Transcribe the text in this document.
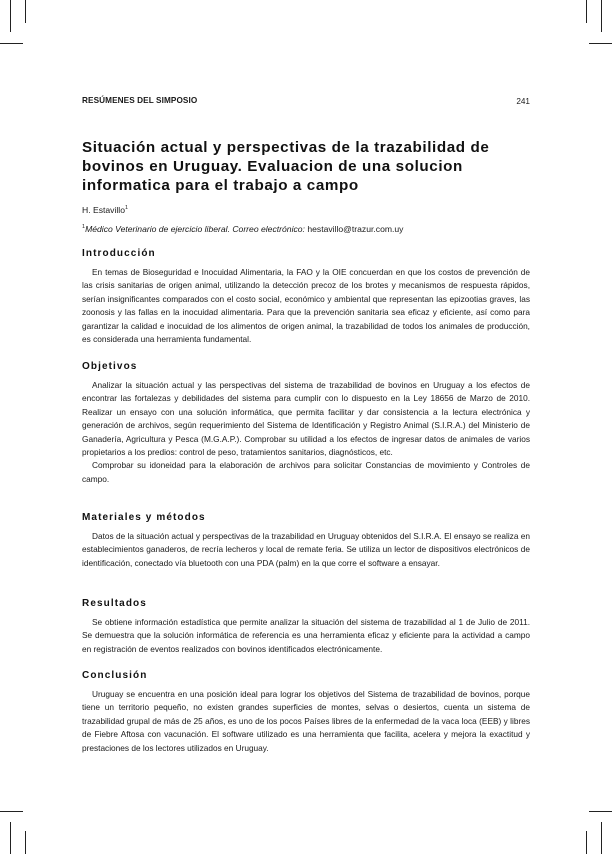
RESÚMENES DEL SIMPOSIO	241
Situación actual y perspectivas de la trazabilidad de bovinos en Uruguay. Evaluacion de una solucion informatica para el trabajo a campo
H. Estavillo$^1$
$^1$Médico Veterinario de ejercicio liberal. Correo electrónico: hestavillo@trazur.com.uy
Introducción

En temas de Bioseguridad e Inocuidad Alimentaria, la FAO y la OIE concuerdan en que los costos de prevención de las crisis sanitarias de origen animal, utilizando la detección precoz de los brotes y mecanismos de respuesta rápidos, serían insignificantes comparados con el costo social, económico y ambiental que representan las epizootias graves, las zoonosis y las fallas en la inocuidad alimentaria. Para que la prevención sanitaria sea eficaz y eficiente, así como para garantizar la calidad e inocuidad de los alimentos de origen animal, la trazabilidad de todos los animales de producción, es considerada una herramienta fundamental.

Objetivos

Analizar la situación actual y las perspectivas del sistema de trazabilidad de bovinos en Uruguay a los efectos de encontrar las fortalezas y debilidades del sistema para cumplir con lo dispuesto en la Ley 18656 de Marzo de 2010. Realizar un ensayo con una solución informática, que permita facilitar y dar consistencia a la lectura electrónica y generación de archivos, según requerimiento del Sistema de Identificación y Registro Animal (S.I.R.A.) del Ministerio de Ganadería, Agricultura y Pesca (M.G.A.P.). Comprobar su utilidad a los efectos de ingresar datos de animales de varios propietarios a los predios: control de peso, tratamientos sanitarios, diagnósticos, etc.

Comprobar su idoneidad para la elaboración de archivos para solicitar Constancias de movimiento y Controles de campo.

Materiales y métodos

Datos de la situación actual y perspectivas de la trazabilidad en Uruguay obtenidos del S.I.R.A. El ensayo se realiza en establecimientos ganaderos, de recría lecheros y local de remate feria. Se utiliza un lector de dispositivos electrónicos de identificación, conectado vía bluetooth con una PDA (palm) en la que corre el software a ensayar.

Resultados

Se obtiene información estadística que permite analizar la situación del sistema de trazabilidad al 1 de Julio de 2011. Se demuestra que la solución informática de referencia es una herramienta eficaz y eficiente para la actividad a campo en registración de eventos realizados con bovinos identificados electrónicamente.

Conclusión

Uruguay se encuentra en una posición ideal para lograr los objetivos del Sistema de trazabilidad de bovinos, porque tiene un territorio pequeño, no existen grandes superficies de montes, selvas o desiertos, cuenta un sistema de trazabilidad grupal de más de 25 años, es uno de los pocos Países libres de la enfermedad de la vaca loca (EEB) y libres de Fiebre Aftosa con vacunación. El software utilizado es una herramienta que facilita, acelera y mejora la exactitud y prestaciones de los lectores utilizados en Uruguay.
